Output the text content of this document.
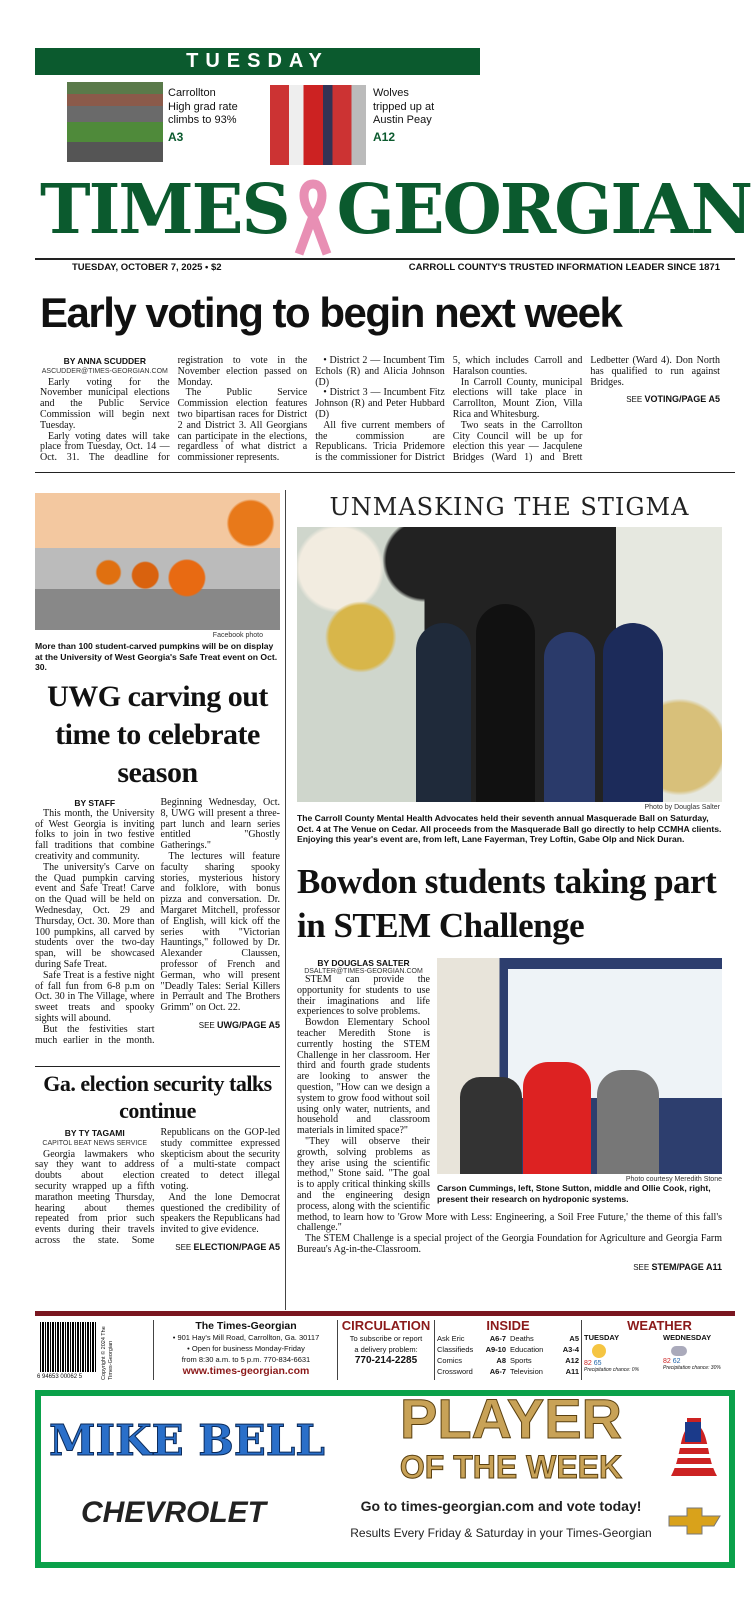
TUESDAY
Carrollton High grad rate climbs to 93%
A3
Wolves tripped up at Austin Peay
A12
TIMES GEORGIAN
TUESDAY, OCTOBER 7, 2025 • $2	CARROLL COUNTY'S TRUSTED INFORMATION LEADER SINCE 1871
Early voting to begin next week
BY ANNA SCUDDER
ASCUDDER@TIMES-GEORGIAN.COM

Early voting for the November municipal elections and the Public Service Commission will begin next Tuesday.

Early voting dates will take place from Tuesday, Oct. 14 — Oct. 31. The deadline for registration to vote in the November election passed on Monday.

The Public Service Commission election features two bipartisan races for District 2 and District 3. All Georgians can participate in the elections, regardless of what district a commissioner represents.

• District 2 — Incumbent Tim Echols (R) and Alicia Johnson (D)

• District 3 — Incumbent Fitz Johnson (R) and Peter Hubbard (D)

All five current members of the commission are Republicans. Tricia Pridemore is the commissioner for District 5, which includes Carroll and Haralson counties.

In Carroll County, municipal elections will take place in Carrollton, Mount Zion, Villa Rica and Whitesburg.

Two seats in the Carrollton City Council will be up for election this year — Jacqulene Bridges (Ward 1) and Brett Ledbetter (Ward 4). Don North has qualified to run against Bridges.

SEE VOTING/PAGE A5
Facebook photo
More than 100 student-carved pumpkins will be on display at the University of West Georgia's Safe Treat event on Oct. 30.
UWG carving out time to celebrate season
BY STAFF

This month, the University of West Georgia is inviting folks to join in two festive fall traditions that combine creativity and community.

The university's Carve on the Quad pumpkin carving event and Safe Treat! Carve on the Quad will be held on Wednesday, Oct. 29 and Thursday, Oct. 30. More than 100 pumpkins, all carved by students over the two-day span, will be showcased during Safe Treat.

Safe Treat is a festive night of fall fun from 6-8 p.m on Oct. 30 in The Village, where sweet treats and spooky sights will abound.

But the festivities start much earlier in the month. Beginning Wednesday, Oct. 8, UWG will present a three-part lunch and learn series entitled "Ghostly Gatherings."

The lectures will feature faculty sharing spooky stories, mysterious history and folklore, with bonus pizza and conversation. Dr. Margaret Mitchell, professor of English, will kick off the series with "Victorian Hauntings," followed by Dr. Alexander Claussen, professor of French and German, who will present "Deadly Tales: Serial Killers in Perrault and The Brothers Grimm" on Oct. 22.

SEE UWG/PAGE A5
Ga. election security talks continue
BY TY TAGAMI
CAPITOL BEAT NEWS SERVICE

Georgia lawmakers who say they want to address doubts about election security wrapped up a fifth marathon meeting Thursday, hearing about themes repeated from prior such events during their travels across the state. Some Republicans on the GOP-led study committee expressed skepticism about the security of a multi-state compact created to detect illegal voting.

And the lone Democrat questioned the credibility of speakers the Republicans had invited to give evidence.

SEE ELECTION/PAGE A5
UNMASKING THE STIGMA
Photo by Douglas Salter
The Carroll County Mental Health Advocates held their seventh annual Masquerade Ball on Saturday, Oct. 4 at The Venue on Cedar. All proceeds from the Masquerade Ball go directly to help CCMHA clients. Enjoying this year's event are, from left, Lane Fayerman, Trey Loftin, Gabe Olp and Nick Duran.
Bowdon students taking part in STEM Challenge
Photo courtesy Meredith Stone
Carson Cummings, left, Stone Sutton, middle and Ollie Cook, right, present their research on hydroponic systems.
BY DOUGLAS SALTER
DSALTER@TIMES-GEORGIAN.COM

STEM can provide the opportunity for students to use their imaginations and life experiences to solve problems.

Bowdon Elementary School teacher Meredith Stone is currently hosting the STEM Challenge in her classroom. Her third and fourth grade students are looking to answer the question, "How can we design a system to grow food without soil using only water, nutrients, and household and classroom materials in limited space?"

"They will observe their growth, solving problems as they arise using the scientific method," Stone said. "The goal is to apply critical thinking skills and the engineering design process, along with the scientific method, to learn how to 'Grow More with Less: Engineering, a Soil Free Future,' the theme of this fall's challenge."

The STEM Challenge is a special project of the Georgia Foundation for Agriculture and Georgia Farm Bureau's Ag-in-the-Classroom.

SEE STEM/PAGE A11
6 94653 00062 5	Copyright © 2024 The Times-Georgian
The Times-Georgian
• 901 Hay's Mill Road, Carrollton, Ga. 30117
• Open for business Monday-Friday
from 8:30 a.m. to 5 p.m. 770-834-6631
www.times-georgian.com
CIRCULATION
To subscribe or report
a delivery problem:
770-214-2285
INSIDE
Ask Eric	A6-7 Deaths	A5
Classifieds A9-10 Education	A3-4
Comics	A8 Sports	A12
Crossword A6-7 Television	A11
WEATHER
TUESDAY
82 65
Precipitation chance: 0%
WEDNESDAY
82 62
Precipitation chance: 30%
MIKE BELL
CHEVROLET
PLAYER
OF THE WEEK
Go to times-georgian.com and vote today!
Results Every Friday & Saturday in your Times-Georgian
